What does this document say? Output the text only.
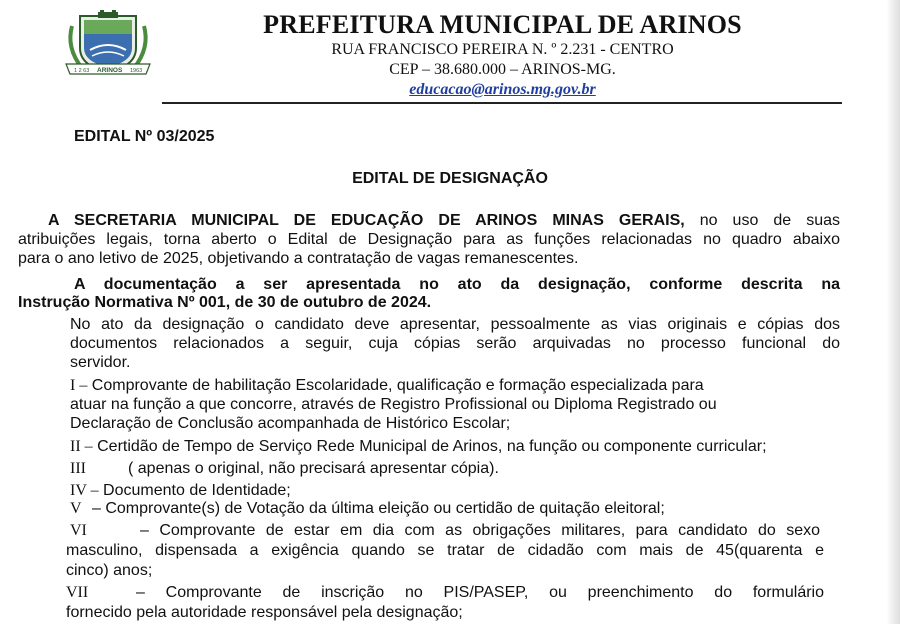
1 2 63 ARINOS 1963
PREFEITURA MUNICIPAL DE ARINOS
RUA FRANCISCO PEREIRA N. º 2.231 - CENTRO
CEP – 38.680.000 – ARINOS-MG.
educacao@arinos.mg.gov.br
EDITAL Nº 03/2025
EDITAL DE DESIGNAÇÃO
A SECRETARIA MUNICIPAL DE EDUCAÇÃO DE ARINOS MINAS GERAIS, no uso de suas
atribuições legais, torna aberto o Edital de Designação para as funções relacionadas no quadro abaixo
para o ano letivo de 2025, objetivando a contratação de vagas remanescentes.
A documentação a ser apresentada no ato da designação, conforme descrita na
Instrução Normativa Nº 001, de 30 de outubro de 2024.
No ato da designação o candidato deve apresentar, pessoalmente as vias originais e cópias dos
documentos relacionados a seguir, cuja cópias serão arquivadas no processo funcional do
servidor.
I – Comprovante de habilitação Escolaridade, qualificação e formação especializada para
atuar na função a que concorre, através de Registro Profissional ou Diploma Registrado ou
Declaração de Conclusão acompanhada de Histórico Escolar;
II – Certidão de Tempo de Serviço Rede Municipal de Arinos, na função ou componente curricular;
III	( apenas o original, não precisará apresentar cópia).
IV – Documento de Identidade;
V – Comprovante(s) de Votação da última eleição ou certidão de quitação eleitoral;
VI	– Comprovante de estar em dia com as obrigações militares, para candidato do sexo
masculino, dispensada a exigência quando se tratar de cidadão com mais de 45(quarenta e
cinco) anos;
VII	– Comprovante de inscrição no PIS/PASEP, ou preenchimento do formulário
fornecido pela autoridade responsável pela designação;
